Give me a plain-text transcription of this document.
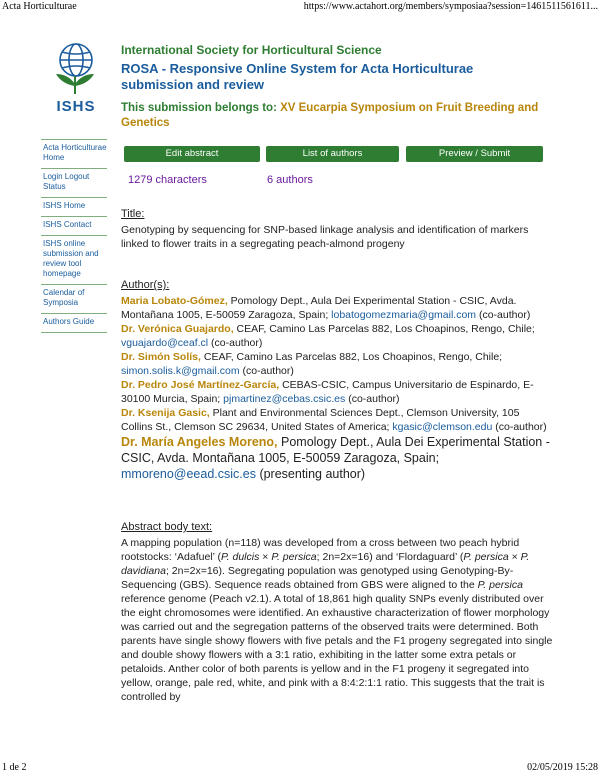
Acta Horticulturae	https://www.actahort.org/members/symposiaa?session=1461511561611...
ISHS
International Society for Horticultural Science
ROSA - Responsive Online System for Acta Horticulturae
submission and review
This submission belongs to: XV Eucarpia Symposium on Fruit Breeding and Genetics
Acta Horticulturae Home
Login Logout Status
ISHS Home
ISHS Contact
ISHS online submission and review tool homepage
Calendar of Symposia
Authors Guide
Edit abstract	List of authors	Preview / Submit
1279 characters	6 authors
Title:
Genotyping by sequencing for SNP-based linkage analysis and identification of markers linked to flower traits in a segregating peach-almond progeny
Author(s):

Maria Lobato-Gómez, Pomology Dept., Aula Dei Experimental Station - CSIC, Avda. Montañana 1005, E-50059 Zaragoza, Spain; lobatogomezmaria@gmail.com (co-author)

Dr. Verónica Guajardo, CEAF, Camino Las Parcelas 882, Los Choapinos, Rengo, Chile; vguajardo@ceaf.cl (co-author)

Dr. Simón Solís, CEAF, Camino Las Parcelas 882, Los Choapinos, Rengo, Chile; simon.solis.k@gmail.com (co-author)

Dr. Pedro José Martínez-García, CEBAS-CSIC, Campus Universitario de Espinardo, E-30100 Murcia, Spain; pjmartinez@cebas.csic.es (co-author)

Dr. Ksenija Gasic, Plant and Environmental Sciences Dept., Clemson University, 105 Collins St., Clemson SC 29634, United States of America; kgasic@clemson.edu (co-author)

Dr. María Angeles Moreno, Pomology Dept., Aula Dei Experimental Station - CSIC, Avda. Montañana 1005, E-50059 Zaragoza, Spain; mmoreno@eead.csic.es (presenting author)

Abstract body text:
A mapping population (n=118) was developed from a cross between two peach hybrid rootstocks: ‘Adafuel’ (P. dulcis × P. persica; 2n=2x=16) and ‘Flordaguard’ (P. persica × P. davidiana; 2n=2x=16). Segregating population was genotyped using Genotyping-By-Sequencing (GBS). Sequence reads obtained from GBS were aligned to the P. persica reference genome (Peach v2.1). A total of 18,861 high quality SNPs evenly distributed over the eight chromosomes were identified. An exhaustive characterization of flower morphology was carried out and the segregation patterns of the observed traits were determined. Both parents have single showy flowers with five petals and the F1 progeny segregated into single and double showy flowers with a 3:1 ratio, exhibiting in the latter some extra petals or petaloids. Anther color of both parents is yellow and in the F1 progeny it segregated into yellow, orange, pale red, white, and pink with a 8:4:2:1:1 ratio. This suggests that the trait is controlled by
1 de 2	02/05/2019 15:28
